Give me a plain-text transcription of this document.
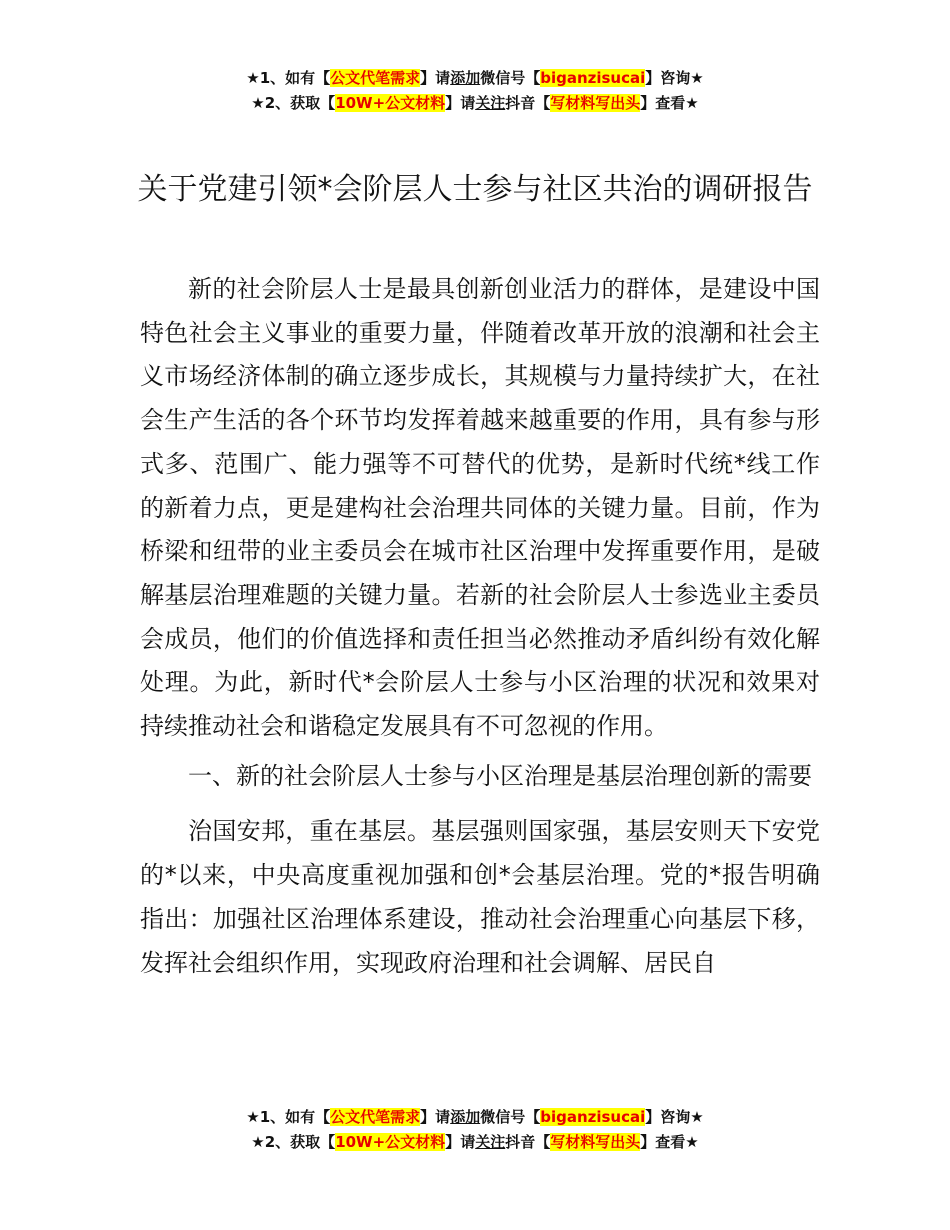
★1、如有【公文代笔需求】请添加微信号【biganzisucai】咨询★
★2、获取【10W+公文材料】请关注抖音【写材料写出头】查看★
关于党建引领*会阶层人士参与社区共治的调研报告

新的社会阶层人士是最具创新创业活力的群体，是建设中国特色社会主义事业的重要力量，伴随着改革开放的浪潮和社会主义市场经济体制的确立逐步成长，其规模与力量持续扩大，在社会生产生活的各个环节均发挥着越来越重要的作用，具有参与形式多、范围广、能力强等不可替代的优势，是新时代统*线工作的新着力点，更是建构社会治理共同体的关键力量。目前，作为桥梁和纽带的业主委员会在城市社区治理中发挥重要作用，是破解基层治理难题的关键力量。若新的社会阶层人士参选业主委员会成员，他们的价值选择和责任担当必然推动矛盾纠纷有效化解处理。为此，新时代*会阶层人士参与小区治理的状况和效果对持续推动社会和谐稳定发展具有不可忽视的作用。

一、新的社会阶层人士参与小区治理是基层治理创新的需要

治国安邦，重在基层。基层强则国家强，基层安则天下安党的*以来，中央高度重视加强和创*会基层治理。党的*报告明确指出：加强社区治理体系建设，推动社会治理重心向基层下移，发挥社会组织作用，实现政府治理和社会调解、居民自

★1、如有【公文代笔需求】请添加微信号【biganzisucai】咨询★
★2、获取【10W+公文材料】请关注抖音【写材料写出头】查看★
